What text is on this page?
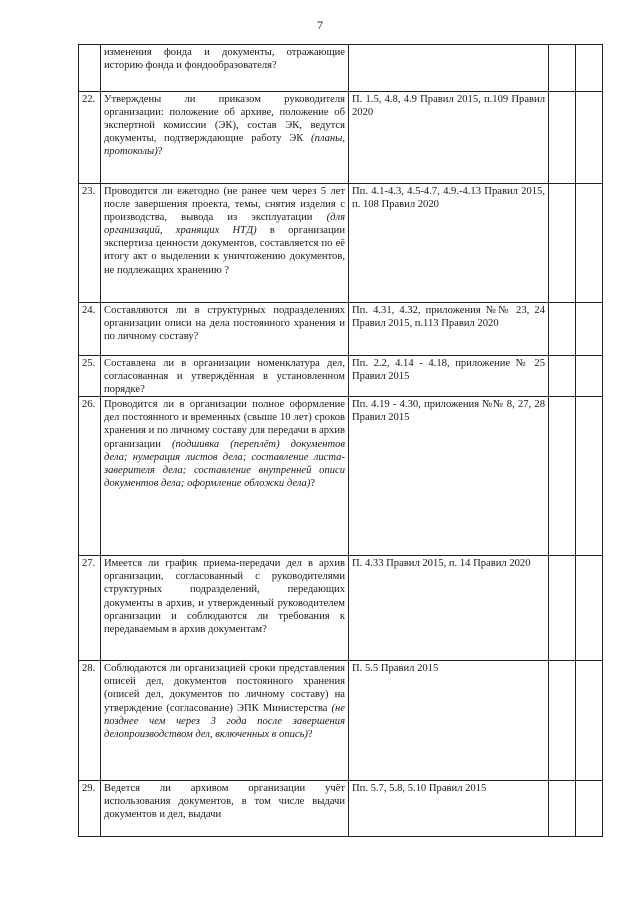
7
	изменения фонда и документы, отражающие историю фонда и фондообразователя?			
22.	Утверждены ли приказом руководителя организации: положение об архиве, положение об экспертной комиссии (ЭК), состав ЭК, ведутся документы, подтверждающие работу ЭК (планы, протоколы)?	П. 1.5, 4.8, 4.9 Правил 2015, п.109 Правил 2020		
23.	Проводится ли ежегодно (не ранее чем через 5 лет после завершения проекта, темы, снятия изделия с производства, вывода из эксплуатации (для организаций, хранящих НТД) в организации экспертиза ценности документов, составляется по её итогу акт о выделении к уничтожению документов, не подлежащих хранению ?	Пп. 4.1-4.3, 4.5-4.7, 4.9.-4.13 Правил 2015, п. 108 Правил 2020		
24.	Составляются ли в структурных подразделениях организации описи на дела постоянного хранения и по личному составу?	Пп. 4.31, 4.32, приложения №№ 23, 24 Правил 2015, п.113 Правил 2020		
25.	Составлена ли в организации номенклатура дел, согласованная и утверждённая в установленном порядке?	Пп. 2.2, 4.14 - 4.18, приложение № 25 Правил 2015		
26.	Проводится ли в организации полное оформление дел постоянного и временных (свыше 10 лет) сроков хранения и по личному составу для передачи в архив организации (подшивка (переплёт) документов дела; нумерация листов дела; составление листа-заверителя дела; составление внутренней описи документов дела; оформление обложки дела)?	Пп. 4.19 - 4.30, приложения №№ 8, 27, 28 Правил 2015		
27.	Имеется ли график приема-передачи дел в архив организации, согласованный с руководителями структурных подразделений, передающих документы в архив, и утвержденный руководителем организации и соблюдаются ли требования к передаваемым в архив документам?	П. 4.33 Правил 2015, п. 14 Правил 2020		
28.	Соблюдаются ли организацией сроки представления описей дел, документов постоянного хранения (описей дел, документов по личному составу) на утверждение (согласование) ЭПК Министерства (не позднее чем через 3 года после завершения делопроизводством дел, включенных в опись)?	П. 5.5 Правил 2015		
29.	Ведется ли архивом организации учёт использования документов, в том числе выдачи документов и дел, выдачи	Пп. 5.7, 5.8, 5.10 Правил 2015		
